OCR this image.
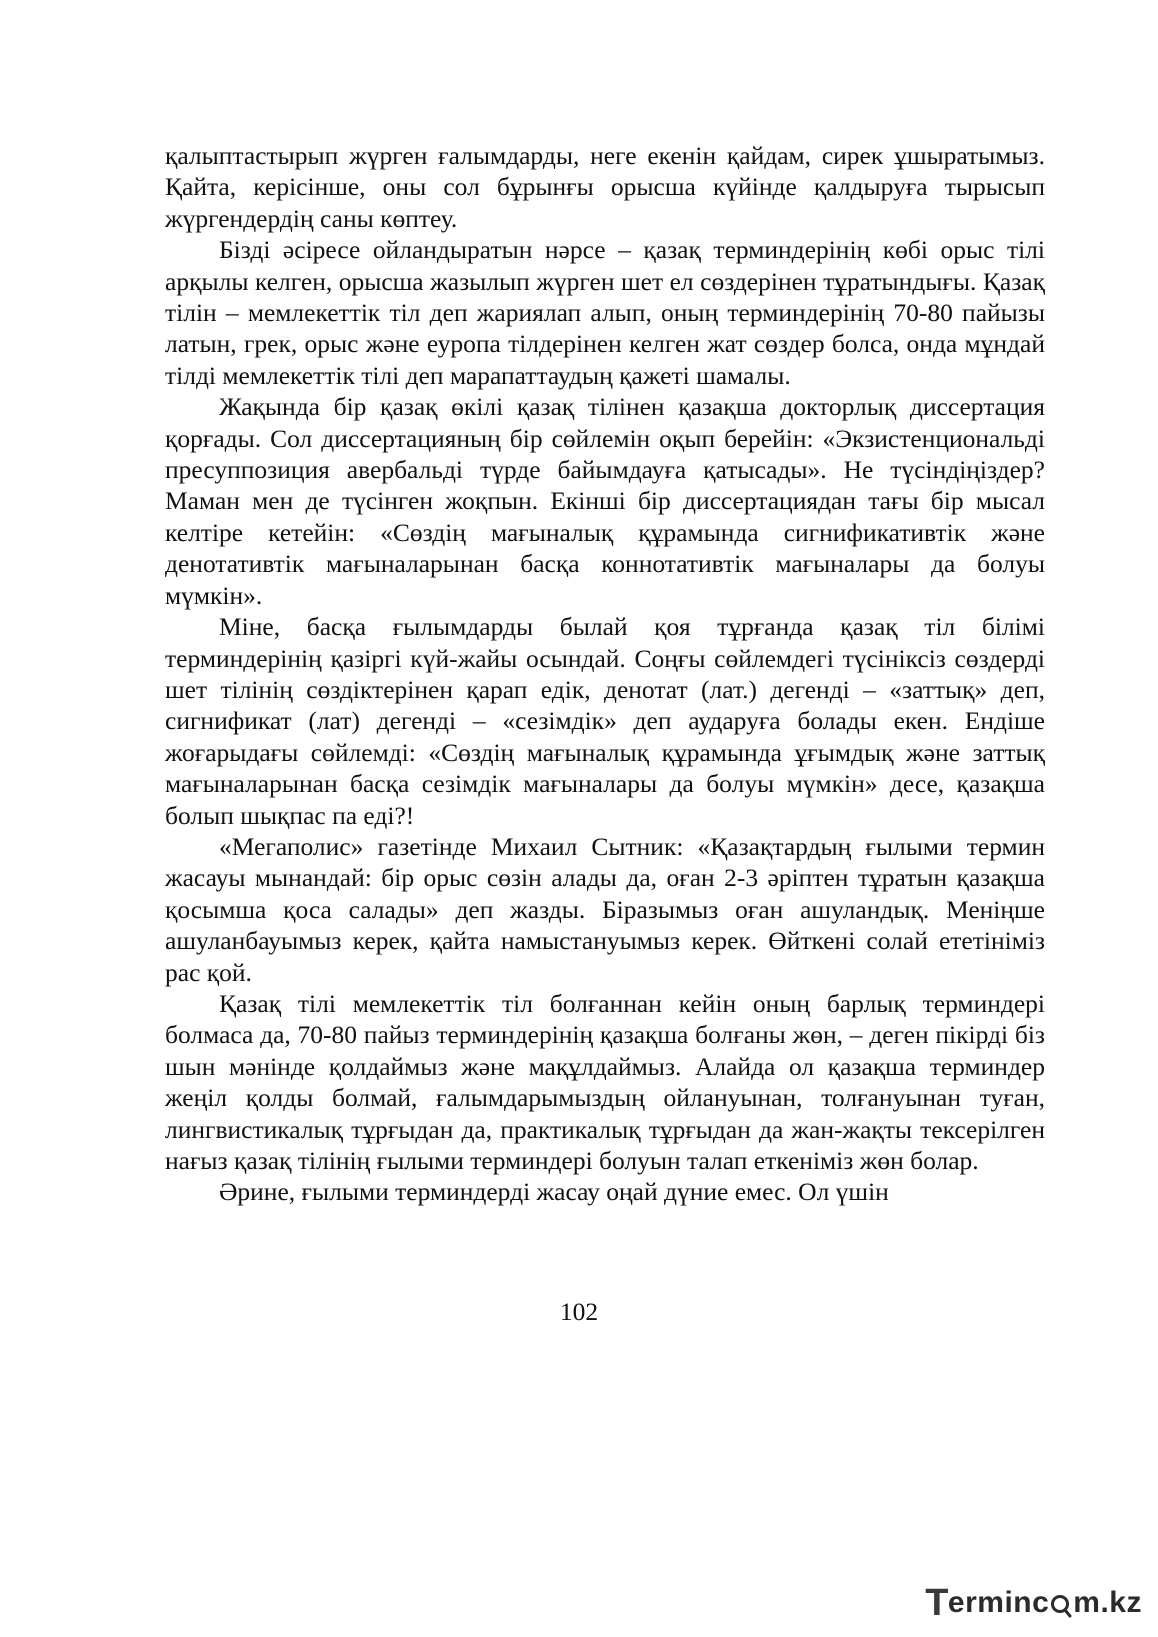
қалыптастырып жүрген ғалымдарды, неге екенін қайдам, сирек ұшыратымыз. Қайта, керісінше, оны сол бұрынғы орысша күйінде қалдыруға тырысып жүргендердің саны көптеу.

Бізді әсіресе ойландыратын нәрсе – қазақ терминдерінің көбі орыс тілі арқылы келген, орысша жазылып жүрген шет ел сөздерінен тұратындығы. Қазақ тілін – мемлекеттік тіл деп жариялап алып, оның терминдерінің 70-80 пайызы латын, грек, орыс және еуропа тілдерінен келген жат сөздер болса, онда мұндай тілді мемлекеттік тілі деп марапаттаудың қажеті шамалы.

Жақында бір қазақ өкілі қазақ тілінен қазақша докторлық диссертация қорғады. Сол диссертацияның бір сөйлемін оқып берейін: «Экзистенциональді пресуппозиция авербальді түрде байымдауға қатысады». Не түсіндіңіздер? Маман мен де түсінген жоқпын. Екінші бір диссертациядан тағы бір мысал келтіре кетейін: «Сөздің мағыналық құрамында сигнификативтік және денотативтік мағыналарынан басқа коннотативтік мағыналары да болуы мүмкін».

Міне, басқа ғылымдарды былай қоя тұрғанда қазақ тіл білімі терминдерінің қазіргі күй-жайы осындай. Соңғы сөйлемдегі түсініксіз сөздерді шет тілінің сөздіктерінен қарап едік, денотат (лат.) дегенді – «заттық» деп, сигнификат (лат) дегенді – «сезімдік» деп аударуға болады екен. Ендіше жоғарыдағы сөйлемді: «Сөздің мағыналық құрамында ұғымдық және заттық мағыналарынан басқа сезімдік мағыналары да болуы мүмкін» десе, қазақша болып шықпас па еді?!

«Мегаполис» газетінде Михаил Сытник: «Қазақтардың ғылыми термин жасауы мынандай: бір орыс сөзін алады да, оған 2-3 әріптен тұратын қазақша қосымша қоса салады» деп жазды. Біразымыз оған ашуландық. Меніңше ашуланбауымыз керек, қайта намыстануымыз керек. Өйткені солай ететініміз рас қой.

Қазақ тілі мемлекеттік тіл болғаннан кейін оның барлық терминдері болмаса да, 70-80 пайыз терминдерінің қазақша болғаны жөн, – деген пікірді біз шын мәнінде қолдаймыз және мақұлдаймыз. Алайда ол қазақша терминдер жеңіл қолды болмай, ғалымдарымыздың ойлануынан, толғануынан туған, лингвистикалық тұрғыдан да, практикалық тұрғыдан да жан-жақты тексерілген нағыз қазақ тілінің ғылыми терминдері болуын талап еткеніміз жөн болар.

Әрине, ғылыми терминдерді жасау оңай дүние емес. Ол үшін

102
T erminc m.kz
